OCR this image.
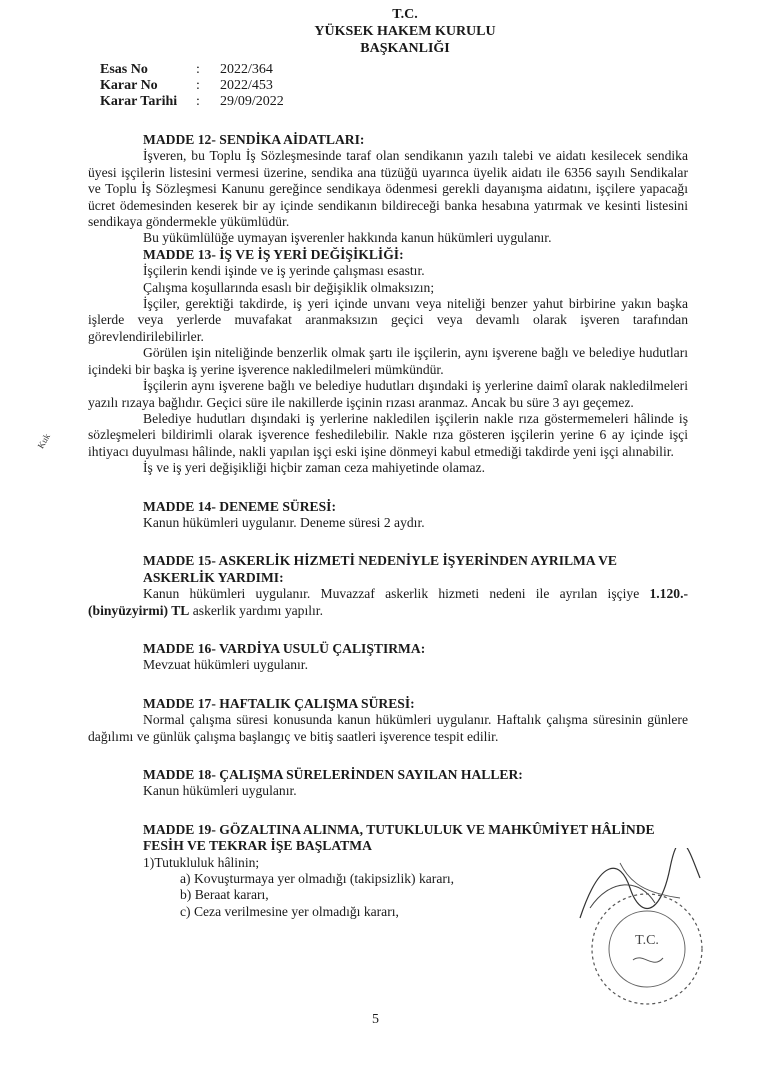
T.C.
YÜKSEK HAKEM KURULU
BAŞKANLIĞI
Esas No	:	2022/364
Karar No	:	2022/453
Karar Tarihi	:	29/09/2022
Kuk
MADDE 12- SENDİKA AİDATLARI:
İşveren, bu Toplu İş Sözleşmesinde taraf olan sendikanın yazılı talebi ve aidatı kesilecek sendika üyesi işçilerin listesini vermesi üzerine, sendika ana tüzüğü uyarınca üyelik aidatı ile 6356 sayılı Sendikalar ve Toplu İş Sözleşmesi Kanunu gereğince sendikaya ödenmesi gerekli dayanışma aidatını, işçilere yapacağı ücret ödemesinden keserek bir ay içinde sendikanın bildireceği banka hesabına yatırmak ve kesinti listesini sendikaya göndermekle yükümlüdür.
Bu yükümlülüğe uymayan işverenler hakkında kanun hükümleri uygulanır.
MADDE 13- İŞ VE İŞ YERİ DEĞİŞİKLİĞİ:
İşçilerin kendi işinde ve iş yerinde çalışması esastır.
Çalışma koşullarında esaslı bir değişiklik olmaksızın;
İşçiler, gerektiği takdirde, iş yeri içinde unvanı veya niteliği benzer yahut birbirine yakın başka işlerde veya yerlerde muvafakat aranmaksızın geçici veya devamlı olarak işveren tarafından görevlendirilebilirler.
Görülen işin niteliğinde benzerlik olmak şartı ile işçilerin, aynı işverene bağlı ve belediye hudutları içindeki bir başka iş yerine işverence nakledilmeleri mümkündür.
İşçilerin aynı işverene bağlı ve belediye hudutları dışındaki iş yerlerine daimî olarak nakledilmeleri yazılı rızaya bağlıdır. Geçici süre ile nakillerde işçinin rızası aranmaz. Ancak bu süre 3 ayı geçemez.
Belediye hudutları dışındaki iş yerlerine nakledilen işçilerin nakle rıza göstermemeleri hâlinde iş sözleşmeleri bildirimli olarak işverence feshedilebilir. Nakle rıza gösteren işçilerin yerine 6 ay içinde işçi ihtiyacı duyulması hâlinde, nakli yapılan işçi eski işine dönmeyi kabul etmediği takdirde yeni işçi alınabilir.
İş ve iş yeri değişikliği hiçbir zaman ceza mahiyetinde olamaz.
MADDE 14- DENEME SÜRESİ:
Kanun hükümleri uygulanır. Deneme süresi 2 aydır.
MADDE 15- ASKERLİK HİZMETİ NEDENİYLE İŞYERİNDEN AYRILMA VE ASKERLİK YARDIMI:
Kanun hükümleri uygulanır. Muvazzaf askerlik hizmeti nedeni ile ayrılan işçiye 1.120.-(binyüzyirmi) TL askerlik yardımı yapılır.
MADDE 16- VARDİYA USULÜ ÇALIŞTIRMA:
Mevzuat hükümleri uygulanır.
MADDE 17- HAFTALIK ÇALIŞMA SÜRESİ:
Normal çalışma süresi konusunda kanun hükümleri uygulanır. Haftalık çalışma süresinin günlere dağılımı ve günlük çalışma başlangıç ve bitiş saatleri işverence tespit edilir.
MADDE 18- ÇALIŞMA SÜRELERİNDEN SAYILAN HALLER:
Kanun hükümleri uygulanır.
MADDE 19- GÖZALTINA ALINMA, TUTUKLULUK VE MAHKÛMİYET HÂLİNDE FESİH VE TEKRAR İŞE BAŞLATMA
1)Tutukluluk hâlinin;
a) Kovuşturmaya yer olmadığı (takipsizlik) kararı,
b) Beraat kararı,
c) Ceza verilmesine yer olmadığı kararı,
T.C.
5
